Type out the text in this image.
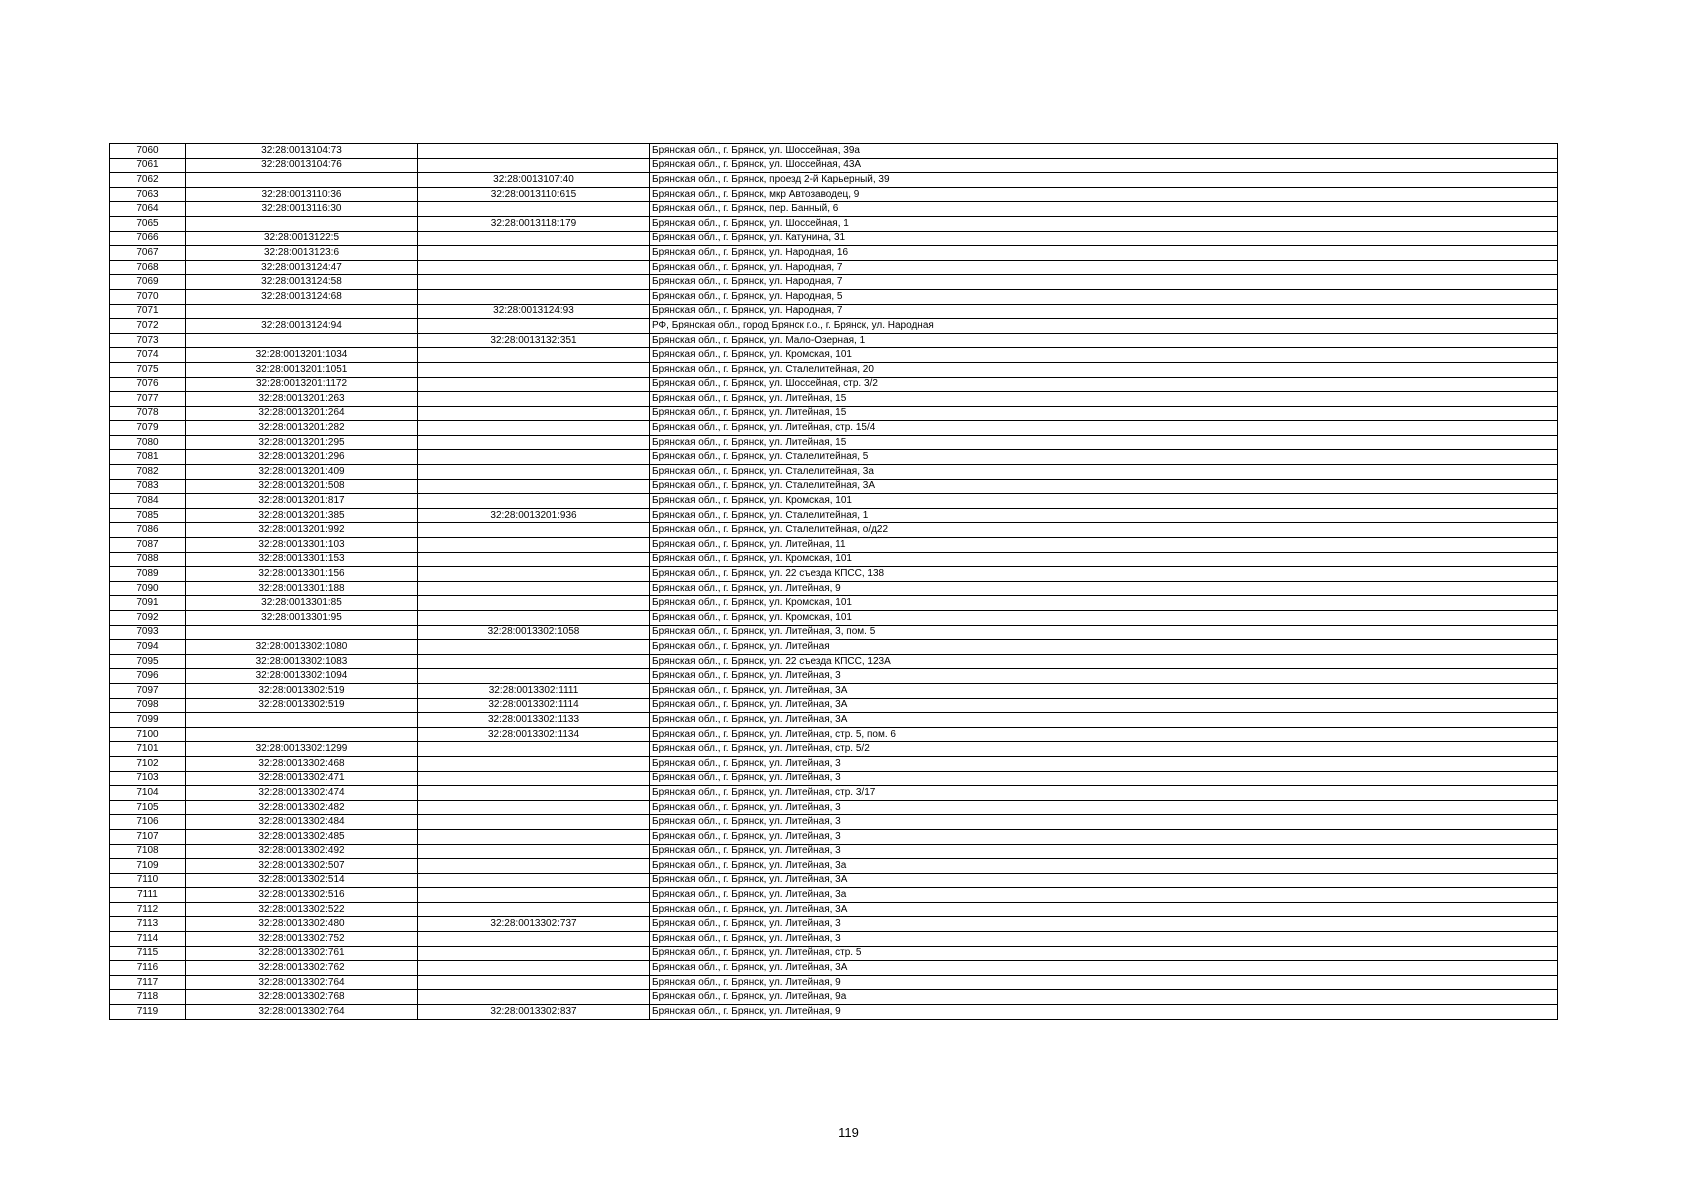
7060	32:28:0013104:73		Брянская обл., г. Брянск, ул. Шоссейная, 39а
7061	32:28:0013104:76		Брянская обл., г. Брянск, ул. Шоссейная, 43А
7062		32:28:0013107:40	Брянская обл., г. Брянск, проезд 2-й Карьерный, 39
7063	32:28:0013110:36	32:28:0013110:615	Брянская обл., г. Брянск, мкр Автозаводец, 9
7064	32:28:0013116:30		Брянская обл., г. Брянск, пер. Банный, 6
7065		32:28:0013118:179	Брянская обл., г. Брянск, ул. Шоссейная, 1
7066	32:28:0013122:5		Брянская обл., г. Брянск, ул. Катунина, 31
7067	32:28:0013123:6		Брянская обл., г. Брянск, ул. Народная, 16
7068	32:28:0013124:47		Брянская обл., г. Брянск, ул. Народная, 7
7069	32:28:0013124:58		Брянская обл., г. Брянск, ул. Народная, 7
7070	32:28:0013124:68		Брянская обл., г. Брянск, ул. Народная, 5
7071		32:28:0013124:93	Брянская обл., г. Брянск, ул. Народная, 7
7072	32:28:0013124:94		РФ, Брянская обл., город Брянск г.о., г. Брянск, ул. Народная
7073		32:28:0013132:351	Брянская обл., г. Брянск, ул. Мало-Озерная, 1
7074	32:28:0013201:1034		Брянская обл., г. Брянск, ул. Кромская, 101
7075	32:28:0013201:1051		Брянская обл., г. Брянск, ул. Сталелитейная, 20
7076	32:28:0013201:1172		Брянская обл., г. Брянск, ул. Шоссейная, стр. 3/2
7077	32:28:0013201:263		Брянская обл., г. Брянск, ул. Литейная, 15
7078	32:28:0013201:264		Брянская обл., г. Брянск, ул. Литейная, 15
7079	32:28:0013201:282		Брянская обл., г. Брянск, ул. Литейная, стр. 15/4
7080	32:28:0013201:295		Брянская обл., г. Брянск, ул. Литейная, 15
7081	32:28:0013201:296		Брянская обл., г. Брянск, ул. Сталелитейная, 5
7082	32:28:0013201:409		Брянская обл., г. Брянск, ул. Сталелитейная, 3а
7083	32:28:0013201:508		Брянская обл., г. Брянск, ул. Сталелитейная, 3А
7084	32:28:0013201:817		Брянская обл., г. Брянск, ул. Кромская, 101
7085	32:28:0013201:385	32:28:0013201:936	Брянская обл., г. Брянск, ул. Сталелитейная, 1
7086	32:28:0013201:992		Брянская обл., г. Брянск, ул. Сталелитейная, о/д22
7087	32:28:0013301:103		Брянская обл., г. Брянск, ул. Литейная, 11
7088	32:28:0013301:153		Брянская обл., г. Брянск, ул. Кромская, 101
7089	32:28:0013301:156		Брянская обл., г. Брянск, ул. 22 съезда КПСС, 138
7090	32:28:0013301:188		Брянская обл., г. Брянск, ул. Литейная, 9
7091	32:28:0013301:85		Брянская обл., г. Брянск, ул. Кромская, 101
7092	32:28:0013301:95		Брянская обл., г. Брянск, ул. Кромская, 101
7093		32:28:0013302:1058	Брянская обл., г. Брянск, ул. Литейная, 3, пом. 5
7094	32:28:0013302:1080		Брянская обл., г. Брянск, ул. Литейная
7095	32:28:0013302:1083		Брянская обл., г. Брянск, ул. 22 съезда КПСС, 123А
7096	32:28:0013302:1094		Брянская обл., г. Брянск, ул. Литейная, 3
7097	32:28:0013302:519	32:28:0013302:1111	Брянская обл., г. Брянск, ул. Литейная, 3А
7098	32:28:0013302:519	32:28:0013302:1114	Брянская обл., г. Брянск, ул. Литейная, 3А
7099		32:28:0013302:1133	Брянская обл., г. Брянск, ул. Литейная, 3А
7100		32:28:0013302:1134	Брянская обл., г. Брянск, ул. Литейная, стр. 5, пом. 6
7101	32:28:0013302:1299		Брянская обл., г. Брянск, ул. Литейная, стр. 5/2
7102	32:28:0013302:468		Брянская обл., г. Брянск, ул. Литейная, 3
7103	32:28:0013302:471		Брянская обл., г. Брянск, ул. Литейная, 3
7104	32:28:0013302:474		Брянская обл., г. Брянск, ул. Литейная, стр. 3/17
7105	32:28:0013302:482		Брянская обл., г. Брянск, ул. Литейная, 3
7106	32:28:0013302:484		Брянская обл., г. Брянск, ул. Литейная, 3
7107	32:28:0013302:485		Брянская обл., г. Брянск, ул. Литейная, 3
7108	32:28:0013302:492		Брянская обл., г. Брянск, ул. Литейная, 3
7109	32:28:0013302:507		Брянская обл., г. Брянск, ул. Литейная, 3а
7110	32:28:0013302:514		Брянская обл., г. Брянск, ул. Литейная, 3А
7111	32:28:0013302:516		Брянская обл., г. Брянск, ул. Литейная, 3а
7112	32:28:0013302:522		Брянская обл., г. Брянск, ул. Литейная, 3А
7113	32:28:0013302:480	32:28:0013302:737	Брянская обл., г. Брянск, ул. Литейная, 3
7114	32:28:0013302:752		Брянская обл., г. Брянск, ул. Литейная, 3
7115	32:28:0013302:761		Брянская обл., г. Брянск, ул. Литейная, стр. 5
7116	32:28:0013302:762		Брянская обл., г. Брянск, ул. Литейная, 3А
7117	32:28:0013302:764		Брянская обл., г. Брянск, ул. Литейная, 9
7118	32:28:0013302:768		Брянская обл., г. Брянск, ул. Литейная, 9а
7119	32:28:0013302:764	32:28:0013302:837	Брянская обл., г. Брянск, ул. Литейная, 9
119
